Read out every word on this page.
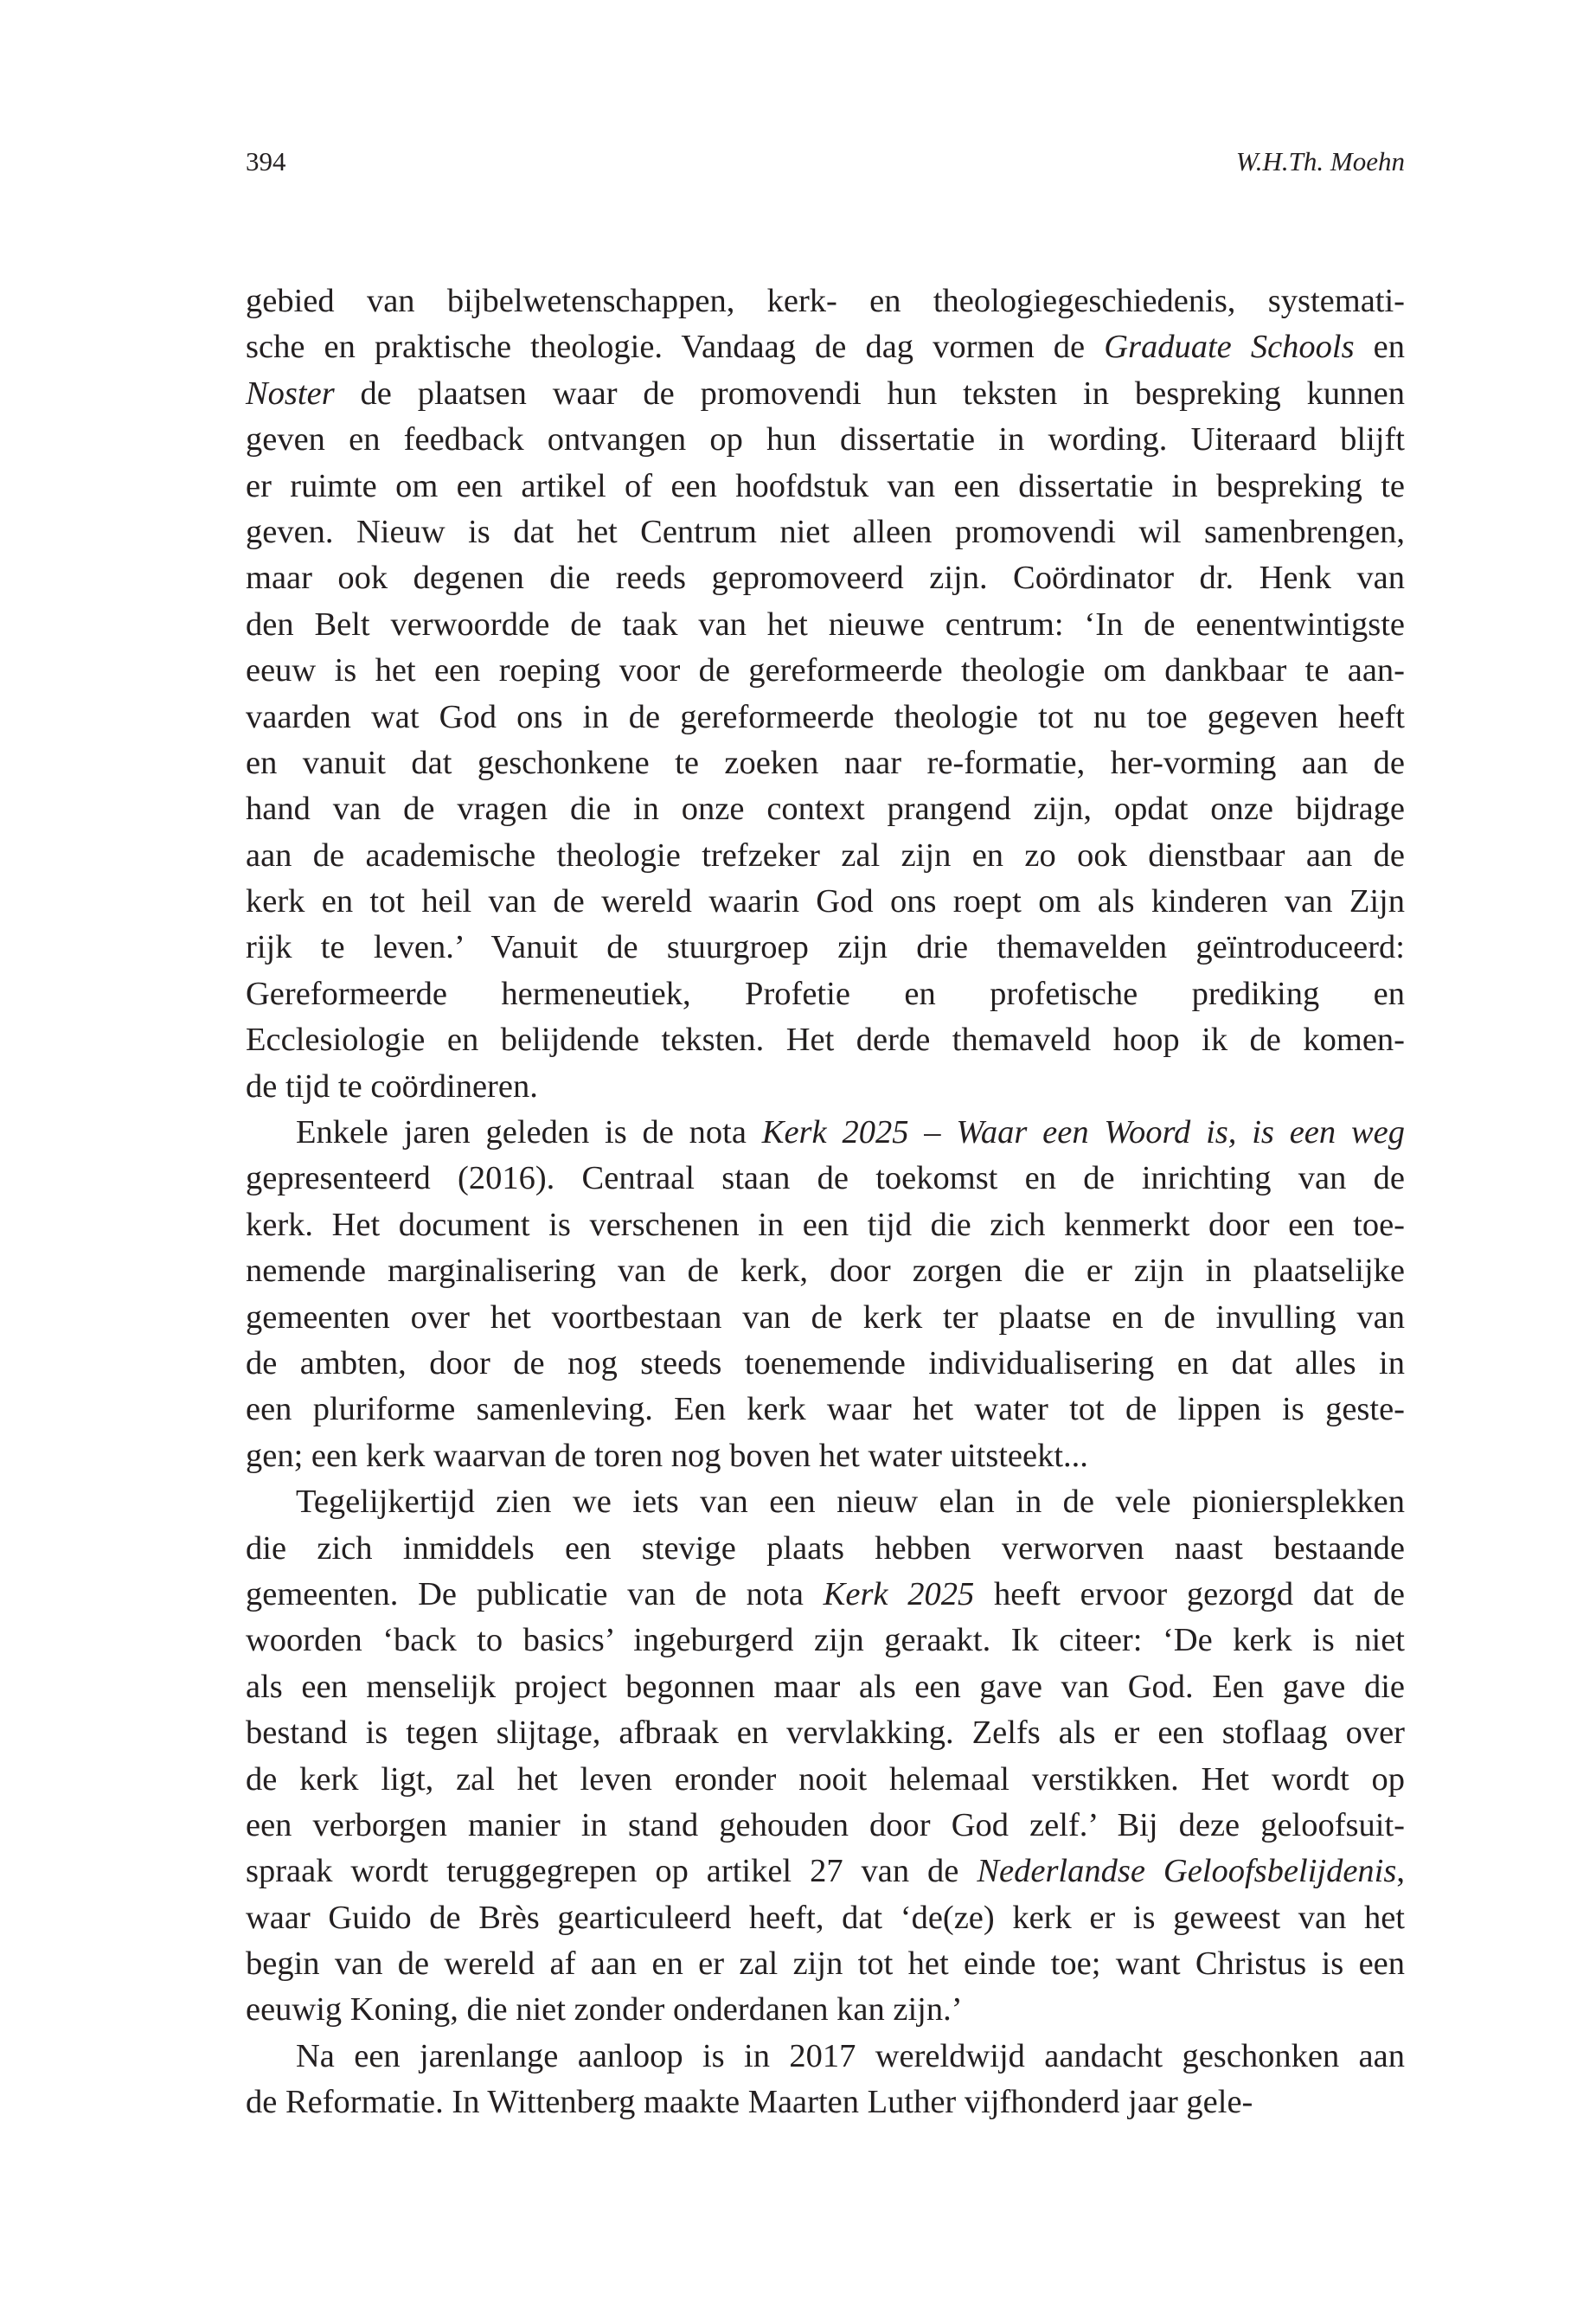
394	W.H.Th. Moehn
gebied van bijbelwetenschappen, kerk- en theologiegeschiedenis, systemati-
sche en praktische theologie. Vandaag de dag vormen de Graduate Schools en
Noster de plaatsen waar de promovendi hun teksten in bespreking kunnen
geven en feedback ontvangen op hun dissertatie in wording. Uiteraard blijft
er ruimte om een artikel of een hoofdstuk van een dissertatie in bespreking te
geven. Nieuw is dat het Centrum niet alleen promovendi wil samenbrengen,
maar ook degenen die reeds gepromoveerd zijn. Coördinator dr. Henk van
den Belt verwoordde de taak van het nieuwe centrum: ‘In de eenentwintigste
eeuw is het een roeping voor de gereformeerde theologie om dankbaar te aan-
vaarden wat God ons in de gereformeerde theologie tot nu toe gegeven heeft
en vanuit dat geschonkene te zoeken naar re-formatie, her-vorming aan de
hand van de vragen die in onze context prangend zijn, opdat onze bijdrage
aan de academische theologie trefzeker zal zijn en zo ook dienstbaar aan de
kerk en tot heil van de wereld waarin God ons roept om als kinderen van Zijn
rijk te leven.’ Vanuit de stuurgroep zijn drie themavelden geïntroduceerd:
Gereformeerde hermeneutiek, Profetie en profetische prediking en
Ecclesiologie en belijdende teksten. Het derde themaveld hoop ik de komen-
de tijd te coördineren.
Enkele jaren geleden is de nota Kerk 2025 – Waar een Woord is, is een weg
gepresenteerd (2016). Centraal staan de toekomst en de inrichting van de
kerk. Het document is verschenen in een tijd die zich kenmerkt door een toe-
nemende marginalisering van de kerk, door zorgen die er zijn in plaatselijke
gemeenten over het voortbestaan van de kerk ter plaatse en de invulling van
de ambten, door de nog steeds toenemende individualisering en dat alles in
een pluriforme samenleving. Een kerk waar het water tot de lippen is geste-
gen; een kerk waarvan de toren nog boven het water uitsteekt...
Tegelijkertijd zien we iets van een nieuw elan in de vele pioniersplekken
die zich inmiddels een stevige plaats hebben verworven naast bestaande
gemeenten. De publicatie van de nota Kerk 2025 heeft ervoor gezorgd dat de
woorden ‘back to basics’ ingeburgerd zijn geraakt. Ik citeer: ‘De kerk is niet
als een menselijk project begonnen maar als een gave van God. Een gave die
bestand is tegen slijtage, afbraak en vervlakking. Zelfs als er een stoflaag over
de kerk ligt, zal het leven eronder nooit helemaal verstikken. Het wordt op
een verborgen manier in stand gehouden door God zelf.’ Bij deze geloofsuit-
spraak wordt teruggegrepen op artikel 27 van de Nederlandse Geloofsbelijdenis,
waar Guido de Brès gearticuleerd heeft, dat ‘de(ze) kerk er is geweest van het
begin van de wereld af aan en er zal zijn tot het einde toe; want Christus is een
eeuwig Koning, die niet zonder onderdanen kan zijn.’
Na een jarenlange aanloop is in 2017 wereldwijd aandacht geschonken aan
de Reformatie. In Wittenberg maakte Maarten Luther vijfhonderd jaar gele-
